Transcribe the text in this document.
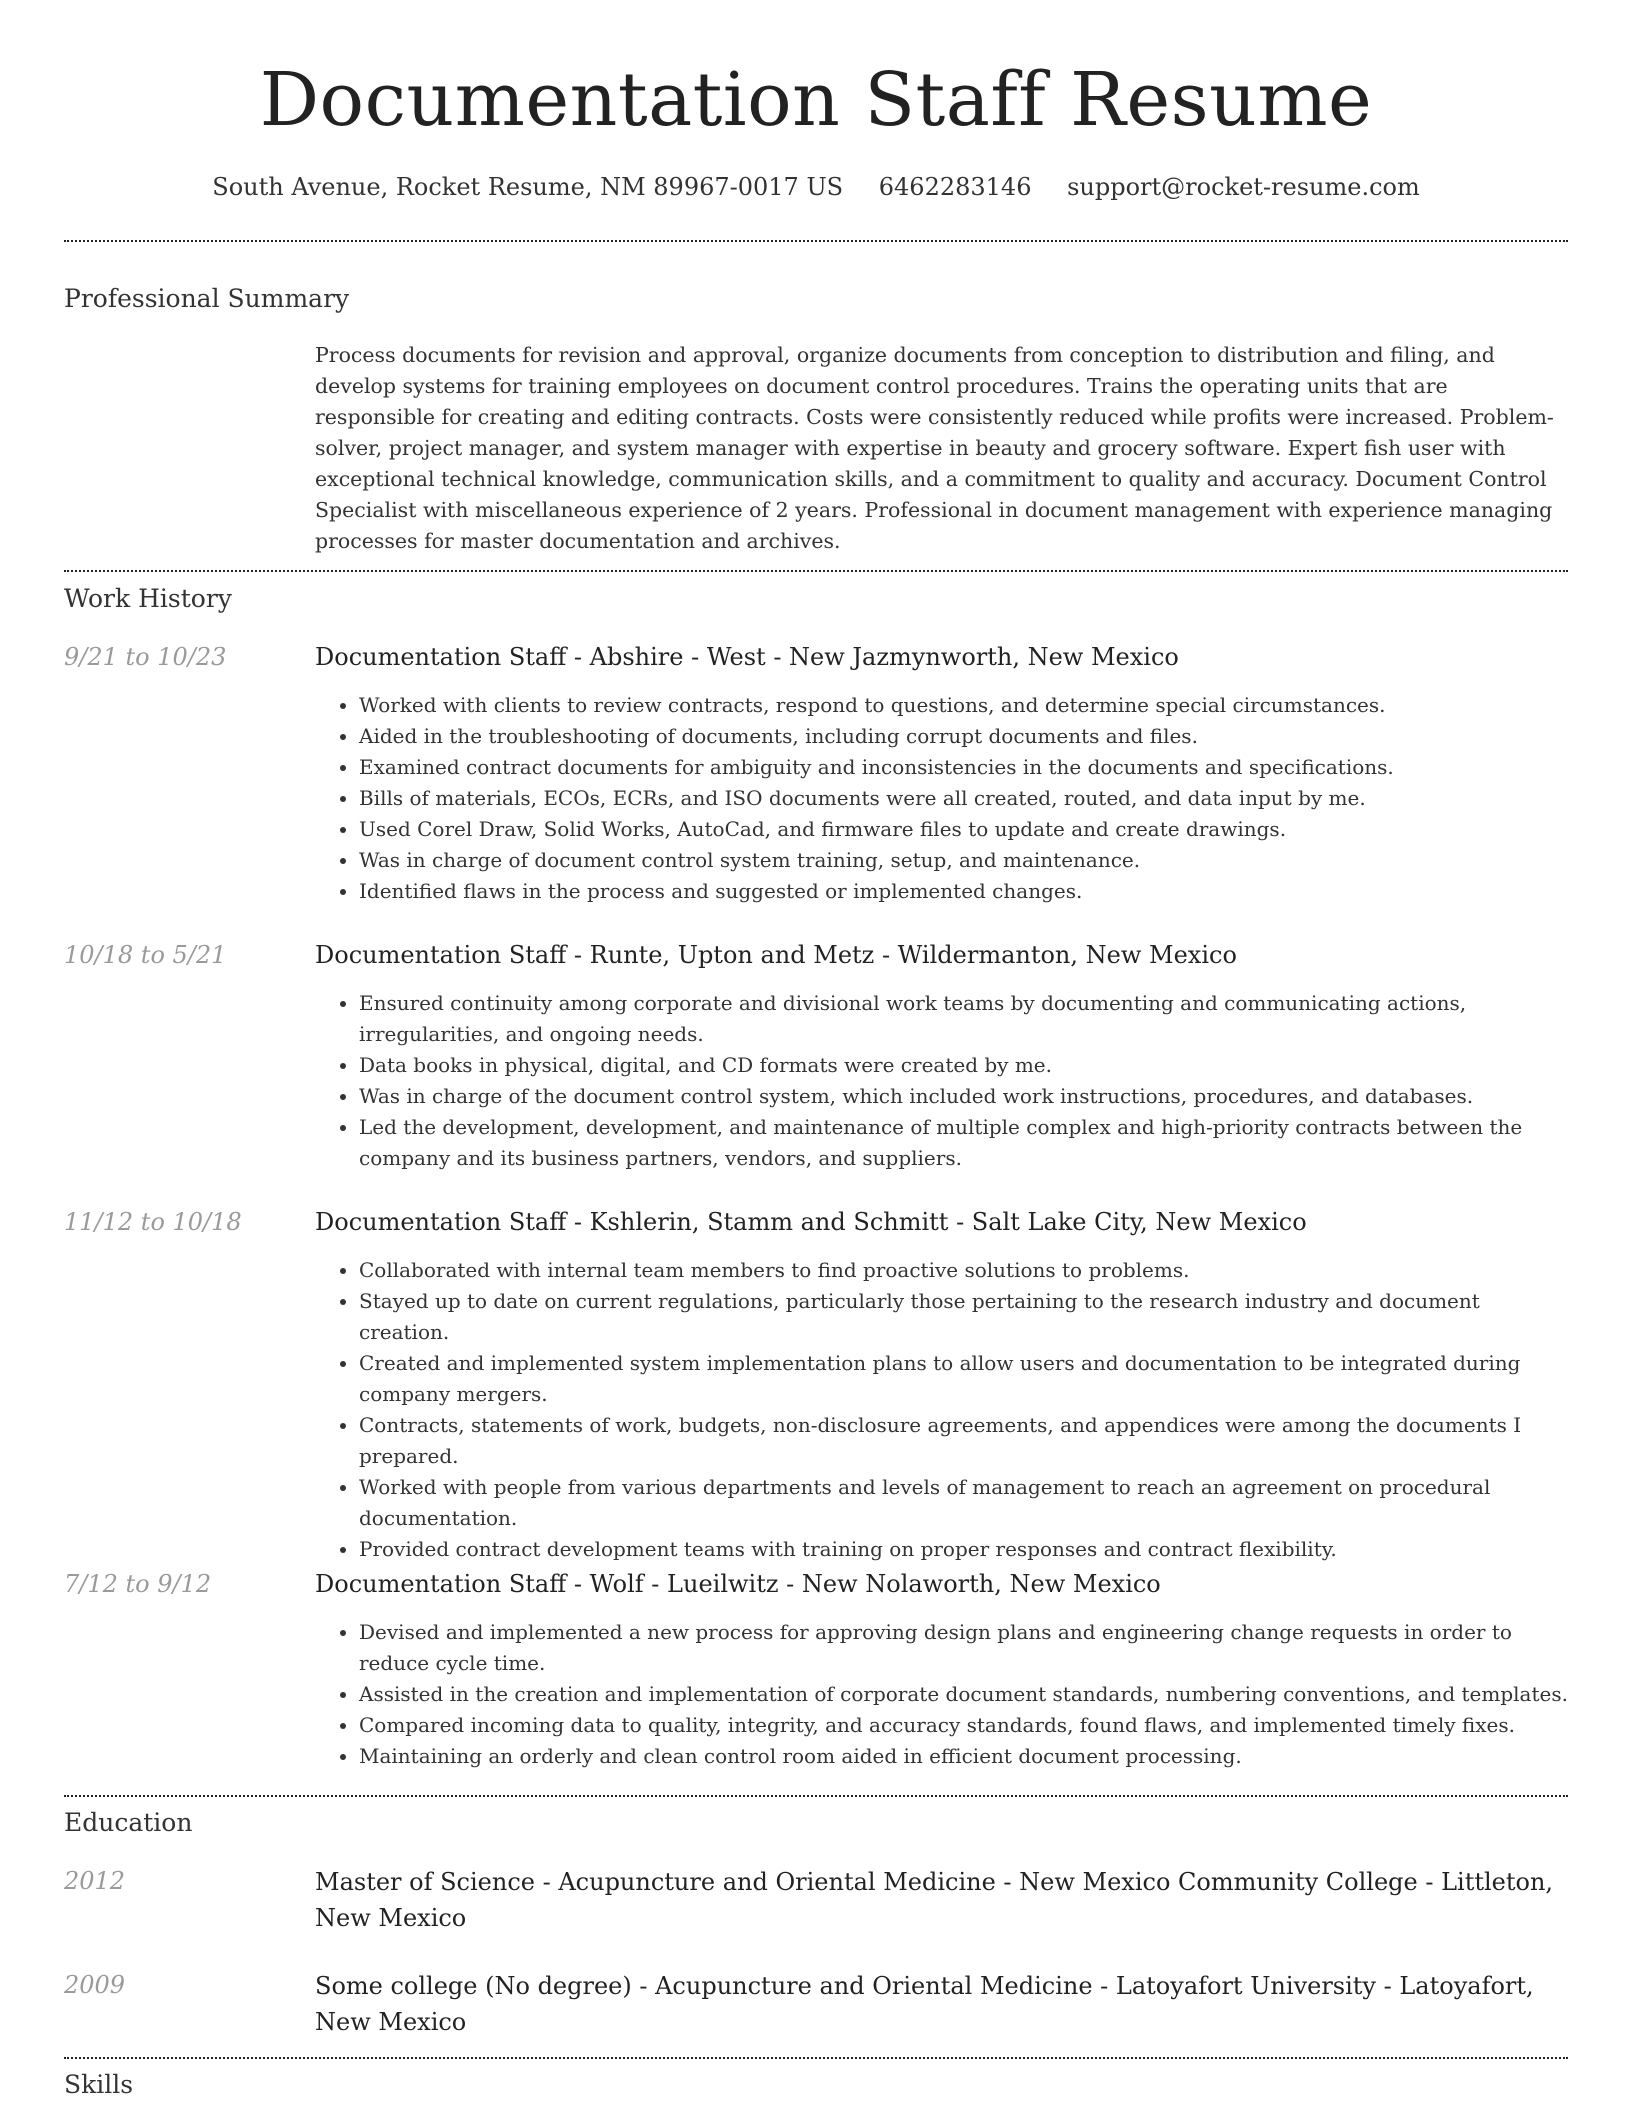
Documentation Staff Resume
South Avenue, Rocket Resume, NM 89967-0017 US 6462283146 support@rocket-resume.com
Professional Summary
Process documents for revision and approval, organize documents from conception to distribution and filing, and develop systems for training employees on document control procedures. Trains the operating units that are responsible for creating and editing contracts. Costs were consistently reduced while profits were increased. Problem-solver, project manager, and system manager with expertise in beauty and grocery software. Expert fish user with exceptional technical knowledge, communication skills, and a commitment to quality and accuracy. Document Control Specialist with miscellaneous experience of 2 years. Professional in document management with experience managing processes for master documentation and archives.
Work History
9/21 to 10/23	Documentation Staff - Abshire - West - New Jazmynworth, New Mexico
• Worked with clients to review contracts, respond to questions, and determine special circumstances.
• Aided in the troubleshooting of documents, including corrupt documents and files.
• Examined contract documents for ambiguity and inconsistencies in the documents and specifications.
• Bills of materials, ECOs, ECRs, and ISO documents were all created, routed, and data input by me.
• Used Corel Draw, Solid Works, AutoCad, and firmware files to update and create drawings.
• Was in charge of document control system training, setup, and maintenance.
• Identified flaws in the process and suggested or implemented changes.
10/18 to 5/21	Documentation Staff - Runte, Upton and Metz - Wildermanton, New Mexico
• Ensured continuity among corporate and divisional work teams by documenting and communicating actions, irregularities, and ongoing needs.
• Data books in physical, digital, and CD formats were created by me.
• Was in charge of the document control system, which included work instructions, procedures, and databases.
• Led the development, development, and maintenance of multiple complex and high-priority contracts between the company and its business partners, vendors, and suppliers.
11/12 to 10/18	Documentation Staff - Kshlerin, Stamm and Schmitt - Salt Lake City, New Mexico
• Collaborated with internal team members to find proactive solutions to problems.
• Stayed up to date on current regulations, particularly those pertaining to the research industry and document creation.
• Created and implemented system implementation plans to allow users and documentation to be integrated during company mergers.
• Contracts, statements of work, budgets, non-disclosure agreements, and appendices were among the documents I prepared.
• Worked with people from various departments and levels of management to reach an agreement on procedural documentation.
• Provided contract development teams with training on proper responses and contract flexibility.
7/12 to 9/12	Documentation Staff - Wolf - Lueilwitz - New Nolaworth, New Mexico
• Devised and implemented a new process for approving design plans and engineering change requests in order to reduce cycle time.
• Assisted in the creation and implementation of corporate document standards, numbering conventions, and templates.
• Compared incoming data to quality, integrity, and accuracy standards, found flaws, and implemented timely fixes.
• Maintaining an orderly and clean control room aided in efficient document processing.
Education
2012	Master of Science - Acupuncture and Oriental Medicine - New Mexico Community College - Littleton, New Mexico
2009	Some college (No degree) - Acupuncture and Oriental Medicine - Latoyafort University - Latoyafort, New Mexico
Skills
